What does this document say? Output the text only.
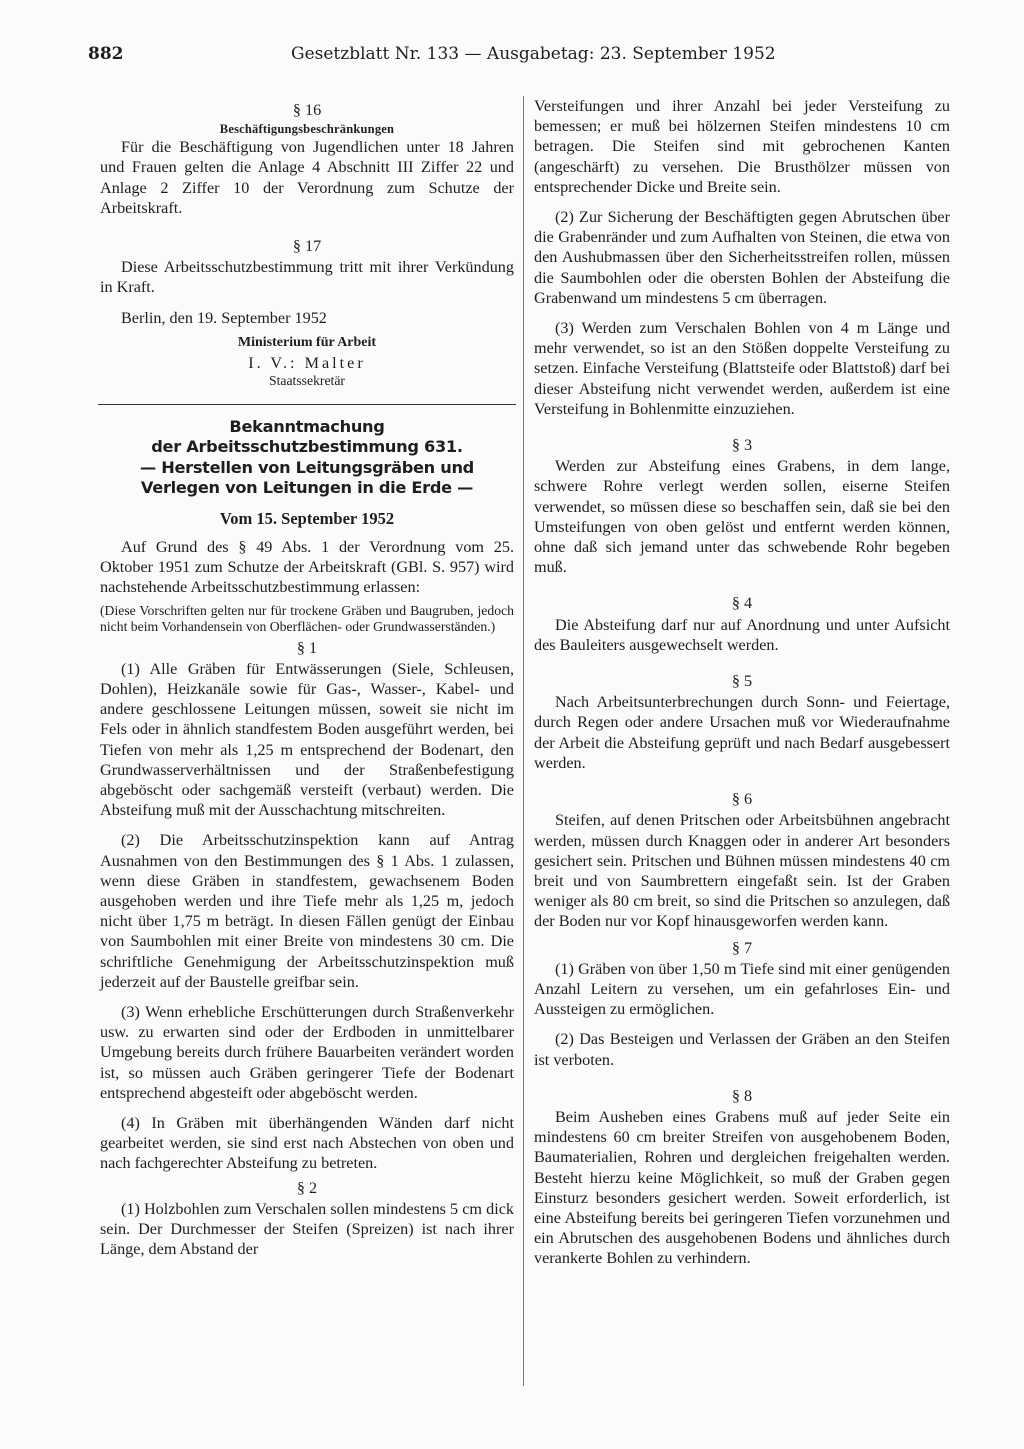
882	Gesetzblatt Nr. 133 — Ausgabetag: 23. September 1952
§ 16
Beschäftigungsbeschränkungen

Für die Beschäftigung von Jugendlichen unter 18 Jahren und Frauen gelten die Anlage 4 Abschnitt III Ziffer 22 und Anlage 2 Ziffer 10 der Verordnung zum Schutze der Arbeitskraft.

§ 17

Diese Arbeitsschutzbestimmung tritt mit ihrer Verkündung in Kraft.

Berlin, den 19. September 1952

Ministerium für Arbeit
I. V.: Malter
Staatssekretär
Bekanntmachung
der Arbeitsschutzbestimmung 631.
— Herstellen von Leitungsgräben und Verlegen von Leitungen in die Erde —
Vom 15. September 1952

Auf Grund des § 49 Abs. 1 der Verordnung vom 25. Oktober 1951 zum Schutze der Arbeitskraft (GBl. S. 957) wird nachstehende Arbeitsschutzbestimmung erlassen:

(Diese Vorschriften gelten nur für trockene Gräben und Baugruben, jedoch nicht beim Vorhandensein von Oberflächen- oder Grundwasserständen.)

§ 1

(1) Alle Gräben für Entwässerungen (Siele, Schleusen, Dohlen), Heizkanäle sowie für Gas-, Wasser-, Kabel- und andere geschlossene Leitungen müssen, soweit sie nicht im Fels oder in ähnlich standfestem Boden ausgeführt werden, bei Tiefen von mehr als 1,25 m entsprechend der Bodenart, den Grundwasserverhältnissen und der Straßenbefestigung abgeböscht oder sachgemäß versteift (verbaut) werden. Die Absteifung muß mit der Ausschachtung mitschreiten.

(2) Die Arbeitsschutzinspektion kann auf Antrag Ausnahmen von den Bestimmungen des § 1 Abs. 1 zulassen, wenn diese Gräben in standfestem, gewachsenem Boden ausgehoben werden und ihre Tiefe mehr als 1,25 m, jedoch nicht über 1,75 m beträgt. In diesen Fällen genügt der Einbau von Saumbohlen mit einer Breite von mindestens 30 cm. Die schriftliche Genehmigung der Arbeitsschutzinspektion muß jederzeit auf der Baustelle greifbar sein.

(3) Wenn erhebliche Erschütterungen durch Straßenverkehr usw. zu erwarten sind oder der Erdboden in unmittelbarer Umgebung bereits durch frühere Bauarbeiten verändert worden ist, so müssen auch Gräben geringerer Tiefe der Bodenart entsprechend abgesteift oder abgeböscht werden.

(4) In Gräben mit überhängenden Wänden darf nicht gearbeitet werden, sie sind erst nach Abstechen von oben und nach fachgerechter Absteifung zu betreten.

§ 2

(1) Holzbohlen zum Verschalen sollen mindestens 5 cm dick sein. Der Durchmesser der Steifen (Spreizen) ist nach ihrer Länge, dem Abstand der

Versteifungen und ihrer Anzahl bei jeder Versteifung zu bemessen; er muß bei hölzernen Steifen mindestens 10 cm betragen. Die Steifen sind mit gebrochenen Kanten (angeschärft) zu versehen. Die Brusthölzer müssen von entsprechender Dicke und Breite sein.

(2) Zur Sicherung der Beschäftigten gegen Abrutschen über die Grabenränder und zum Aufhalten von Steinen, die etwa von den Aushubmassen über den Sicherheitsstreifen rollen, müssen die Saumbohlen oder die obersten Bohlen der Absteifung die Grabenwand um mindestens 5 cm überragen.

(3) Werden zum Verschalen Bohlen von 4 m Länge und mehr verwendet, so ist an den Stößen doppelte Versteifung zu setzen. Einfache Versteifung (Blattsteife oder Blattstoß) darf bei dieser Absteifung nicht verwendet werden, außerdem ist eine Versteifung in Bohlenmitte einzuziehen.

§ 3

Werden zur Absteifung eines Grabens, in dem lange, schwere Rohre verlegt werden sollen, eiserne Steifen verwendet, so müssen diese so beschaffen sein, daß sie bei den Umsteifungen von oben gelöst und entfernt werden können, ohne daß sich jemand unter das schwebende Rohr begeben muß.

§ 4

Die Absteifung darf nur auf Anordnung und unter Aufsicht des Bauleiters ausgewechselt werden.

§ 5

Nach Arbeitsunterbrechungen durch Sonn- und Feiertage, durch Regen oder andere Ursachen muß vor Wiederaufnahme der Arbeit die Absteifung geprüft und nach Bedarf ausgebessert werden.

§ 6

Steifen, auf denen Pritschen oder Arbeitsbühnen angebracht werden, müssen durch Knaggen oder in anderer Art besonders gesichert sein. Pritschen und Bühnen müssen mindestens 40 cm breit und von Saumbrettern eingefaßt sein. Ist der Graben weniger als 80 cm breit, so sind die Pritschen so anzulegen, daß der Boden nur vor Kopf hinausgeworfen werden kann.

§ 7

(1) Gräben von über 1,50 m Tiefe sind mit einer genügenden Anzahl Leitern zu versehen, um ein gefahrloses Ein- und Aussteigen zu ermöglichen.

(2) Das Besteigen und Verlassen der Gräben an den Steifen ist verboten.

§ 8

Beim Ausheben eines Grabens muß auf jeder Seite ein mindestens 60 cm breiter Streifen von ausgehobenem Boden, Baumaterialien, Rohren und dergleichen freigehalten werden. Besteht hierzu keine Möglichkeit, so muß der Graben gegen Einsturz besonders gesichert werden. Soweit erforderlich, ist eine Absteifung bereits bei geringeren Tiefen vorzunehmen und ein Abrutschen des ausgehobenen Bodens und ähnliches durch verankerte Bohlen zu verhindern.
